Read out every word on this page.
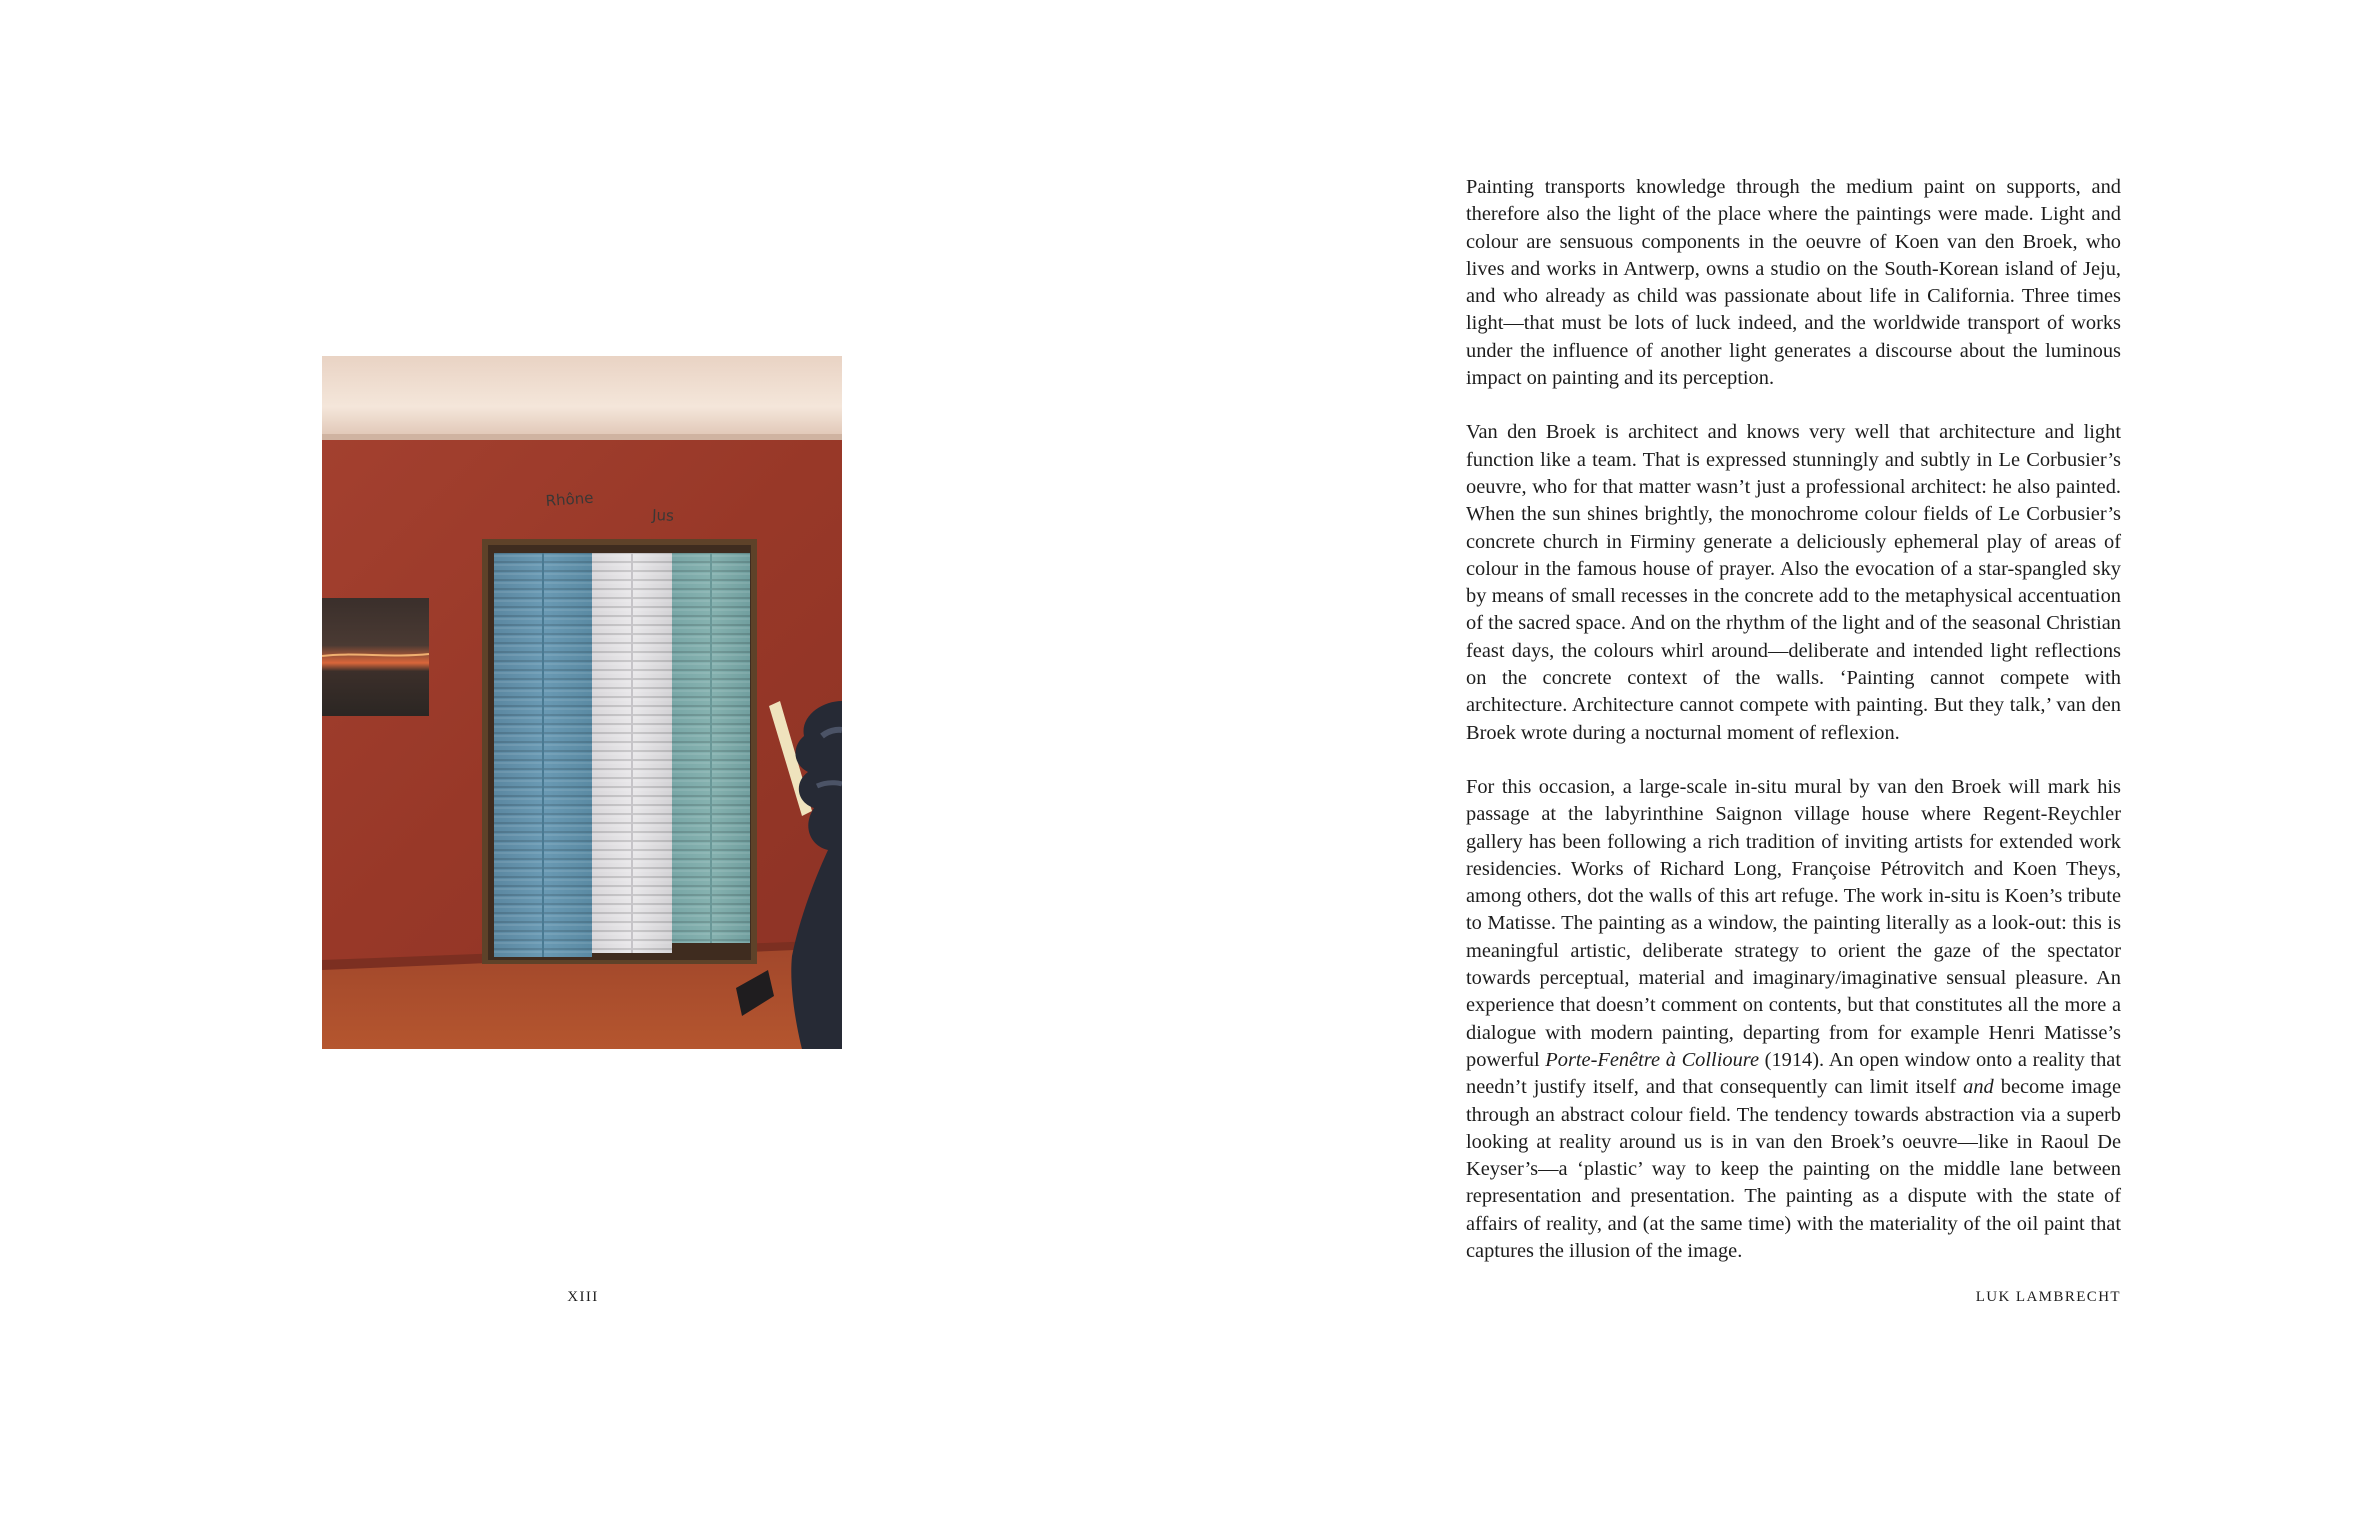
Rhône
Jus
XIII

Painting transports knowledge through the medium paint on supports, and therefore also the light of the place where the paintings were made. Light and colour are sensuous components in the oeuvre of Koen van den Broek, who lives and works in Antwerp, owns a studio on the South-Korean island of Jeju, and who already as child was passionate about life in California. Three times light—that must be lots of luck indeed, and the worldwide transport of works under the influence of another light generates a discourse about the luminous impact on painting and its perception.

Van den Broek is architect and knows very well that architecture and light function like a team. That is expressed stunningly and subtly in Le Corbusier’s oeuvre, who for that matter wasn’t just a professional architect: he also painted. When the sun shines brightly, the monochrome colour fields of Le Corbusier’s concrete church in Firminy generate a deliciously ephemeral play of areas of colour in the famous house of prayer. Also the evocation of a star-spangled sky by means of small recesses in the concrete add to the metaphysical accentuation of the sacred space. And on the rhythm of the light and of the seasonal Christian feast days, the colours whirl around—deliberate and intended light reflections on the concrete context of the walls. ‘Painting cannot compete with architecture. Architecture cannot compete with painting. But they talk,’ van den Broek wrote during a nocturnal moment of reflexion.

For this occasion, a large-scale in-situ mural by van den Broek will mark his passage at the labyrinthine Saignon village house where Regent-Reychler gallery has been following a rich tradition of inviting artists for extended work residencies. Works of Richard Long, Françoise Pétrovitch and Koen Theys, among others, dot the walls of this art refuge. The work in-situ is Koen’s tribute to Matisse. The painting as a window, the painting literally as a look-out: this is meaningful artistic, deliberate strategy to orient the gaze of the spectator towards perceptual, material and imaginary/imaginative sensual pleasure. An experience that doesn’t comment on contents, but that constitutes all the more a dialogue with modern painting, departing from for example Henri Matisse’s powerful Porte-Fenêtre à Collioure (1914). An open window onto a reality that needn’t justify itself, and that consequently can limit itself and become image through an abstract colour field. The tendency towards abstraction via a superb looking at reality around us is in van den Broek’s oeuvre—like in Raoul De Keyser’s—a ‘plastic’ way to keep the painting on the middle lane between representation and presentation. The painting as a dispute with the state of affairs of reality, and (at the same time) with the materiality of the oil paint that captures the illusion of the image.

LUK LAMBRECHT
